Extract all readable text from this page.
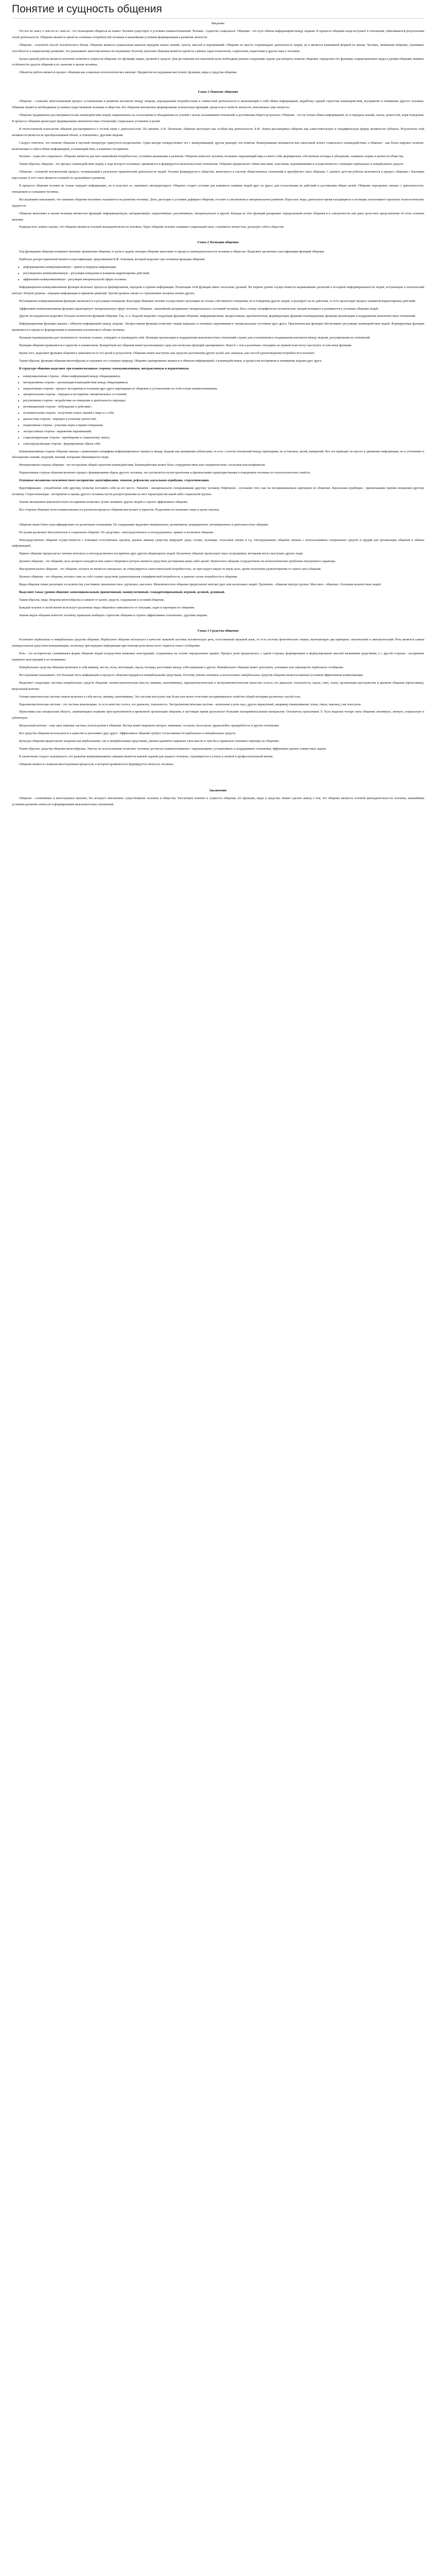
Понятие и сущность общения

Введение

Тот кто не знает, о чем его и с кем он - тот полноценно общаться не может. Человек существует в условиях взаимоотношений. Человек - существо социальное. Общение - это путь обмена информацией между людьми. В процессе общения люди вступают в отношения, обмениваются результатами своей деятельности. Общение является одной из основных потребностей человека и важнейшим условием формирования и развития личности.

Общение - основной способ человеческого бытия. Общение является уникальным каналом передачи наших знаний, чувств, мыслей и переживаний. Общение не просто сопровождает деятельность людей, но и является важнейшей формой их жизни. Человек, лишённый общения, утрачивает способность к нормальному развитию, что доказывают многочисленные исследования. Поэтому изучение общения является одной из главных задач психологии, социологии, педагогики и других наук о человеке.

Целью данной работы является изучение понятия и сущности общения, его функций, видов, уровней и средств. Для достижения поставленной цели необходимо решить следующие задачи: рассмотреть понятие общения; определить его функции; охарактеризовать виды и уровни общения; выявить особенности средств общения и их значение в жизни человека.

Объектом работы является процесс общения как социально-психологическое явление. Предметом исследования выступают функции, виды и средства общения.

Глава 1 Понятие общения

Общение - сложный, многоплановый процесс установления и развития контактов между людьми, порождаемый потребностями в совместной деятельности и включающий в себя обмен информацией, выработку единой стратегии взаимодействия, восприятие и понимание другого человека. Общение является необходимым условием существования человека и общества. Без общения невозможно формирование психических функций, процессов и свойств личности, невозможна сама личность.

Общение традиционно рассматривается как взаимодействие людей, направленное на согласование и объединение их усилий с целью налаживания отношений и достижения общего результата. Общение - это не только обмен информацией, но и передача знаний, опыта, ценностей, норм поведения. В процессе общения происходит формирование межличностных отношений, социальных установок и ролей.

В отечественной психологии общение рассматривается в тесной связи с деятельностью. По мнению А.Н. Леонтьева, общение выступает как особый вид деятельности. Б.Ф. Ломов рассматривал общение как самостоятельную и специфическую форму активности субъекта. Результатом этой активности является не преобразованный объект, а отношения с другими людьми.

Следует отметить, что понятие общения в научной литературе трактуется неоднозначно. Одни авторы отождествляют его с коммуникацией, другие разводят эти понятия. Коммуникация понимается как смысловой аспект социального взаимодействия, а общение - как более широкое понятие, включающее в себя и обмен информацией, и взаимодействие, и взаимное восприятие.

Человек - существо социальное. Общение является для него важнейшей потребностью, условием выживания и развития. Общение помогает человеку познавать окружающий мир и самого себя, формировать собственные взгляды и убеждения, осваивать нормы и ценности общества.

Таким образом, общение - это процесс взаимодействия людей, в ходе которого возникает, проявляется и формируется межличностные отношения. Общение предполагает обмен мыслями, чувствами, переживаниями и осуществляется с помощью вербальных и невербальных средств.

Общение - основной человеческий процесс, возникающий в результате практической деятельности людей. Человек формируется в обществе, включается в систему общественных отношений и приобретает опыт общения. С раннего детства ребенок включается в процесс общения с близкими взрослыми, и этот опыт является основой его дальнейшего развития.

В процессе общения человек не только передает информацию, но и получает ее, оценивает, интерпретирует. Общение создает условия для взаимного влияния людей друг на друга, для согласования их действий и достижения общих целей. Общение неразрывно связано с деятельностью, поведением и сознанием человека.

Исследования показывают, что лишение общения негативно сказывается на развитии человека. Дети, растущие в условиях дефицита общения, отстают в умственном и эмоциональном развитии. Взрослые люди, длительное время находящиеся в изоляции, испытывают серьезные психологические трудности.

Общение выполняет в жизни человека множество функций: информационную, интерактивную, перцептивную, регулятивную, эмоциональную и другие. Каждая из этих функций раскрывает определенный аспект общения и в совокупности они дают целостное представление об этом сложном явлении.

Подводя итог, можно сказать, что общение является основой жизнедеятельности человека. Через общение человек осваивает социальный опыт, становится личностью, реализует себя в обществе.

Глава 2 Функции общения

Под функциями общения понимают внешние проявления общения, те роли и задачи, которые общение выполняет в процессе жизнедеятельности человека в обществе. Выделяют различные классификации функций общения.

Наиболее распространенной является классификация, предложенная Б.Ф. Ломовым, который выделяет три основные функции общения:

• информационно-коммуникативную - прием и передача информации;
• регуляционно-коммуникативную - регуляция поведения и взаимная корректировка действий;
• аффективно-коммуникативную - регуляция эмоциональной сферы человека.

Информационно-коммуникативная функция включает процессы формирования, передачи и приема информации. Реализация этой функции имеет несколько уровней. На первом уровне осуществляется выравнивание различий в исходной информированности людей, вступающих в психический контакт. Второй уровень - передача информации и принятие решений. Третий уровень связан со стремлением человека понять других.

Регуляционно-коммуникативная функция заключается в регуляции поведения. Благодаря общению человек осуществляет регуляцию не только собственного поведения, но и поведения других людей, и реагирует на их действия, то есть происходит процесс взаимной корректировки действий.

Аффективно-коммуникативная функция характеризует эмоциональную сферу человека. Общение - важнейший детерминант эмоциональных состояний человека. Весь спектр специфически человеческих эмоций возникает и развивается в условиях общения людей.

Другие исследователи выделяют большее количество функций общения. Так, А.А. Бодалёв выделяет следующие функции общения: информационная, экспрессивная, прагматическая, формирующая, функция подтверждения, функция организации и поддержания межличностных отношений.

Информационная функция связана с обменом информацией между людьми. Экспрессивная функция позволяет людям выражать и понимать переживания и эмоциональные состояния друг друга. Прагматическая функция обеспечивает регуляцию взаимодействия людей. Формирующая функция проявляется в процессе формирования и изменения психического облика человека.

Функция подтверждения дает возможность человеку познать, утвердить и подтвердить себя. Функция организации и поддержания межличностных отношений служит для установления и поддержания контактов между людьми, регулирования их отношений.

Функции общения проявляются в единстве и взаимосвязи. Конкретный акт общения может реализовывать одну или несколько функций одновременно. Вместе с тем в различных ситуациях на первый план могут выступать те или иные функции.

Кроме того, выделяют функции общения в зависимости от его целей и результатов. Общение может выступать как средство достижения других целей, как самоцель, как способ удовлетворения потребности в контакте.

Таким образом, функции общения многообразны и отражают его сложную природу. Общение одновременно является и обменом информацией, и взаимодействием, и процессом восприятия и понимания людьми друг друга.

В структуре общения выделяют три взаимосвязанные стороны: коммуникативную, интерактивную и перцептивную.

• коммуникативная сторона - обмен информацией между общающимися;
• интерактивная сторона - организация взаимодействия между общающимися;
• перцептивная сторона - процесс восприятия и познания друг друга партнерами по общению и установление на этой основе взаимопонимания;
• эмоциональная сторона - передача и восприятие эмоциональных состояний;
• регулятивная сторона - воздействие на поведение и деятельность партнера;
• мотивационная сторона - побуждение к действию;
• познавательная сторона - получение новых знаний о мире и о себе;
• ценностная сторона - передача и усвоение ценностей;
• нормативная сторона - усвоение норм и правил поведения;
• экспрессивная сторона - выражение переживаний;
• социализирующая сторона - приобщение к социальному опыту;
• самоопределяющая сторона - формирование образа себя.

Коммуникативная сторона общения связана с выявлением специфики информационного процесса между людьми как активными субъектами, то есть с учетом отношений между партнерами, их установок, целей, намерений. Все это приводит не просто к движению информации, но к уточнению и обогащению знаний, сведений, мнений, которыми обмениваются люди.

Интерактивная сторона общения - это построение общей стратегии взаимодействия. Взаимодействие может быть сотрудничеством или соперничеством, согласием или конфликтом.

Перцептивная сторона общения включает процесс формирования образа другого человека, что достигается путем прочтения за физическими характеристиками и поведением человека его психологических свойств.

Основные механизмы межличностного восприятия: идентификация, эмпатия, рефлексия, каузальная атрибуция, стереотипизация.

Идентификация - уподобление себя другому, попытка поставить себя на его место. Эмпатия - эмоциональное сопереживание другому человеку. Рефлексия - осознание того, как ты воспринимаешься партнером по общению. Каузальная атрибуция - приписывание причин поведения другому человеку. Стереотипизация - восприятие и оценка другого человека путем распространения на него характеристик какой-либо социальной группы.

Знание механизмов межличностного восприятия позволяет лучше понимать других людей и строить эффективное общение.

Все стороны общения тесно взаимосвязаны и в реальном процессе общения выступают в единстве. Разделение их возможно лишь в целях анализа.

Общение может быть классифицировано по различным основаниям. По содержанию выделяют материальное, когнитивное, кондиционное, мотивационное и деятельностное общение.

По целям различают биологическое и социальное общение. По средствам - непосредственное и опосредованное, прямое и косвенное общение.

Непосредственное общение осуществляется с помощью естественных органов, данных живому существу природой: руки, голова, туловище, голосовые связки и т.д. Опосредованное общение связано с использованием специальных средств и орудий для организации общения и обмена информацией.

Прямое общение предполагает личные контакты и непосредственное восприятие друг другом общающихся людей. Косвенное общение происходит через посредников, которыми могут выступать другие люди.

Деловое общение - это общение, цель которого находится вне самого общения и которое является средством достижения каких-либо целей. Личностное общение сосредоточено на психологических проблемах внутреннего характера.

Инструментальное общение - это общение, которое не является самоцелью, не стимулируется самостоятельной потребностью, но преследует какую-то иную цель, кроме получения удовлетворения от самого акта общения.

Целевое общение - это общение, которое само по себе служит средством удовлетворения специфической потребности, в данном случае потребности в общении.

Виды общения также различают по количеству участников: межличностное, групповое, массовое. Межличностное общение предполагает контакт двух или нескольких людей. Групповое - общение внутри группы. Массовое - общение с большим количеством людей.

Выделяют также уровни общения: конвенциональный, примитивный, манипулятивный, стандартизированный, игровой, деловой, духовный.

Таким образом, виды общения многообразны и зависят от целей, средств, содержания и условий общения.

Каждый человек в своей жизни использует различные виды общения в зависимости от ситуации, задач и партнеров по общению.

Знание видов общения помогает человеку правильно выбирать стратегию общения и строить эффективные отношения с другими людьми.

Глава 3 Средства общения

Различают вербальные и невербальные средства общения. Вербальное общение использует в качестве знаковой системы человеческую речь, естественный звуковой язык, то есть систему фонетических знаков, включающую два принципа: лексический и синтаксический. Речь является самым универсальным средством коммуникации, поскольку при передаче информации при помощи речи менее всего теряется смысл сообщения.

Речь - это исторически сложившаяся форма общения людей посредством языковых конструкций, создаваемых на основе определенных правил. Процесс речи предполагает, с одной стороны, формирование и формулирование мыслей языковыми средствами, а с другой стороны - восприятие языковых конструкций и их понимание.

Невербальные средства общения включают в себя мимику, жесты, позы, интонацию, паузы, взгляды, расстояние между собеседниками и другие. Невербальное общение может дополнять, усиливать или опровергать вербальное сообщение.

Исследования показывают, что большая часть информации в процессе общения передается невербальными средствами. Поэтому умение понимать и использовать невербальные средства общения является важным условием эффективной коммуникации.

Выделяют следующие системы невербальных средств общения: оптико-кинетическая (жесты, мимика, пантомимика), паралингвистическая и экстралингвистическая (качество голоса, его диапазон, тональность, паузы, смех, плач), организация пространства и времени общения (проксемика), визуальный контакт.

Оптико-кинетическая система знаков включает в себя жесты, мимику, пантомимику. Эта система выступает как более или менее отчетливо воспринимаемое свойство общей моторики различных частей тела.

Паралингвистическая система - это система вокализации, то есть качество голоса, его диапазон, тональность. Экстралингвистическая система - включение в речь пауз, других вкраплений, например покашливания, плача, смеха, наконец, сам темп речи.

Проксемика как специальная область, занимающаяся нормами пространственной и временной организации общения, в настоящее время располагает большим экспериментальным материалом. Основатель проксемики Э. Холл выделил четыре зоны общения: интимную, личную, социальную и публичную.

Визуальный контакт - еще одна знаковая система, используемая в общении. Взгляд может выражать интерес, внимание, согласие, несогласие, дружелюбие, враждебность и другие отношения.

Все средства общения используются в единстве и дополняют друг друга. Эффективное общение требует согласованности вербальных и невербальных средств.

Культура общения предполагает владение как вербальными, так и невербальными средствами, умение адекватно выражать свои мысли и чувства и правильно понимать партнера по общению.

Таким образом, средства общения многообразны. Умелое их использование позволяет человеку достигать взаимопонимания с окружающими, устанавливать и поддерживать отношения, эффективно решать совместные задачи.

В заключение следует подчеркнуть, что развитие коммуникативных навыков является важной задачей для каждого человека, стремящегося к успеху в личной и профессиональной жизни.

Общение является сложным многогранным процессом, в котором проявляется и формируется личность человека.

Заключение

Общение - сложнейшее и многогранное явление, без которого невозможно существование человека и общества. Рассмотрев понятие и сущность общения, его функции, виды и средства, можно сделать вывод о том, что общение является основой жизнедеятельности человека, важнейшим условием развития личности и формирования межличностных отношений.
